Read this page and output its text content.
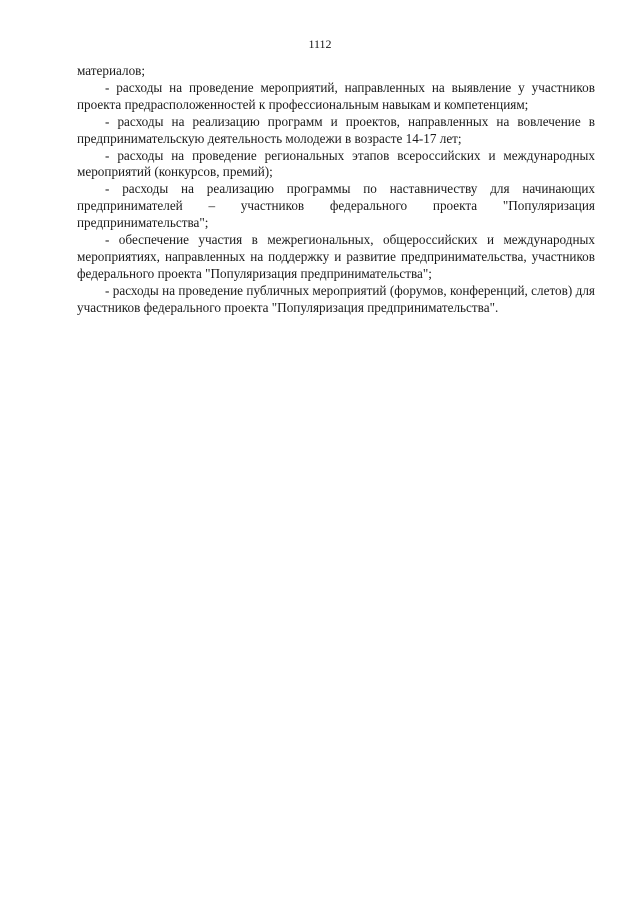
1112

материалов;

- расходы на проведение мероприятий, направленных на выявление у участников проекта предрасположенностей к профессиональным навыкам и компетенциям;

- расходы на реализацию программ и проектов, направленных на вовлечение в предпринимательскую деятельность молодежи в возрасте 14-17 лет;

- расходы на проведение региональных этапов всероссийских и международных мероприятий (конкурсов, премий);

- расходы на реализацию программы по наставничеству для начинающих предпринимателей – участников федерального проекта "Популяризация предпринимательства";

- обеспечение участия в межрегиональных, общероссийских и международных мероприятиях, направленных на поддержку и развитие предпринимательства, участников федерального проекта "Популяризация предпринимательства";

- расходы на проведение публичных мероприятий (форумов, конференций, слетов) для участников федерального проекта "Популяризация предпринимательства".
